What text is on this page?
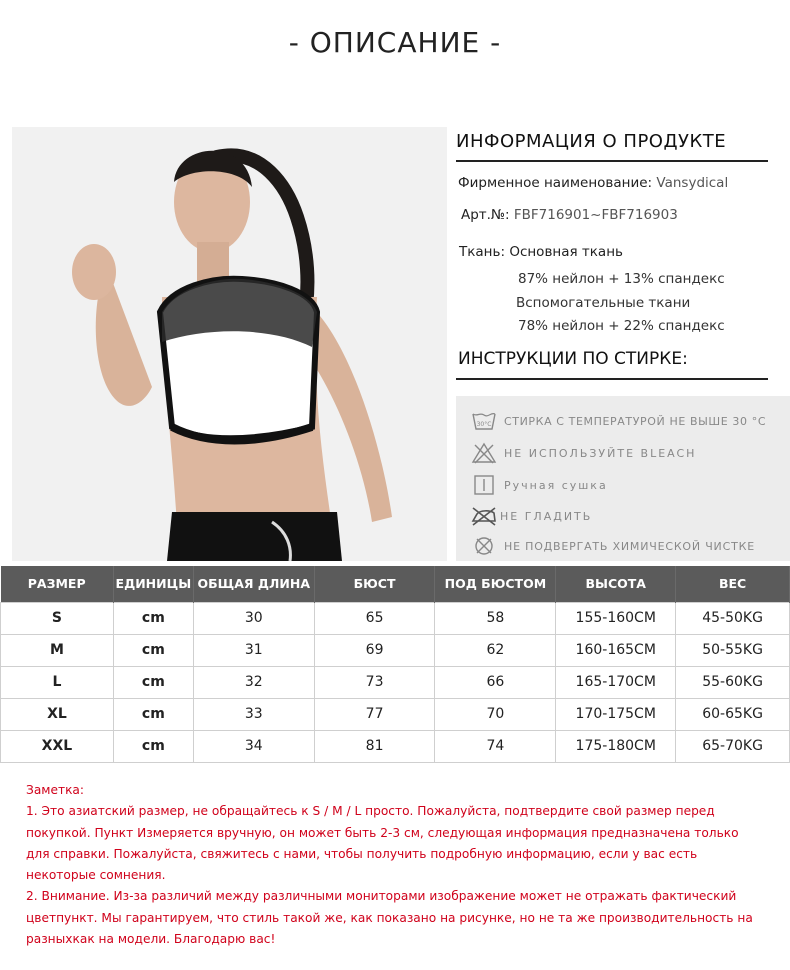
- ОПИСАНИЕ -
ИНФОРМАЦИЯ О ПРОДУКТЕ
Фирменное наименование: Vansydical
Арт.№: FBF716901~FBF716903
Ткань: Основная ткань
87% нейлон + 13% спандекс
Вспомогательные ткани
78% нейлон + 22% спандекс
ИНСТРУКЦИИ ПО СТИРКЕ:
30°C СТИРКА С ТЕМПЕРАТУРОЙ НЕ ВЫШЕ 30 °C
НЕ ИСПОЛЬЗУЙТЕ BLEACH
Ручная сушка
НЕ ГЛАДИТЬ
НЕ ПОДВЕРГАТЬ ХИМИЧЕСКОЙ ЧИСТКЕ
РАЗМЕР	ЕДИНИЦЫ	ОБЩАЯ ДЛИНА	БЮСТ	ПОД БЮСТОМ	ВЫСОТА	ВЕС
S	cm	30	65	58	155-160CM	45-50KG
M	cm	31	69	62	160-165CM	50-55KG
L	cm	32	73	66	165-170CM	55-60KG
XL	cm	33	77	70	170-175CM	60-65KG
XXL	cm	34	81	74	175-180CM	65-70KG
Заметка:
1. Это азиатский размер, не обращайтесь к S / M / L просто. Пожалуйста, подтвердите свой размер перед
покупкой. Пункт Измеряется вручную, он может быть 2-3 см, следующая информация предназначена только
для справки. Пожалуйста, свяжитесь с нами, чтобы получить подробную информацию, если у вас есть
некоторые сомнения.
2. Внимание. Из-за различий между различными мониторами изображение может не отражать фактический
цветпункт. Мы гарантируем, что стиль такой же, как показано на рисунке, но не та же производительность на
разныхкак на модели. Благодарю вас!
